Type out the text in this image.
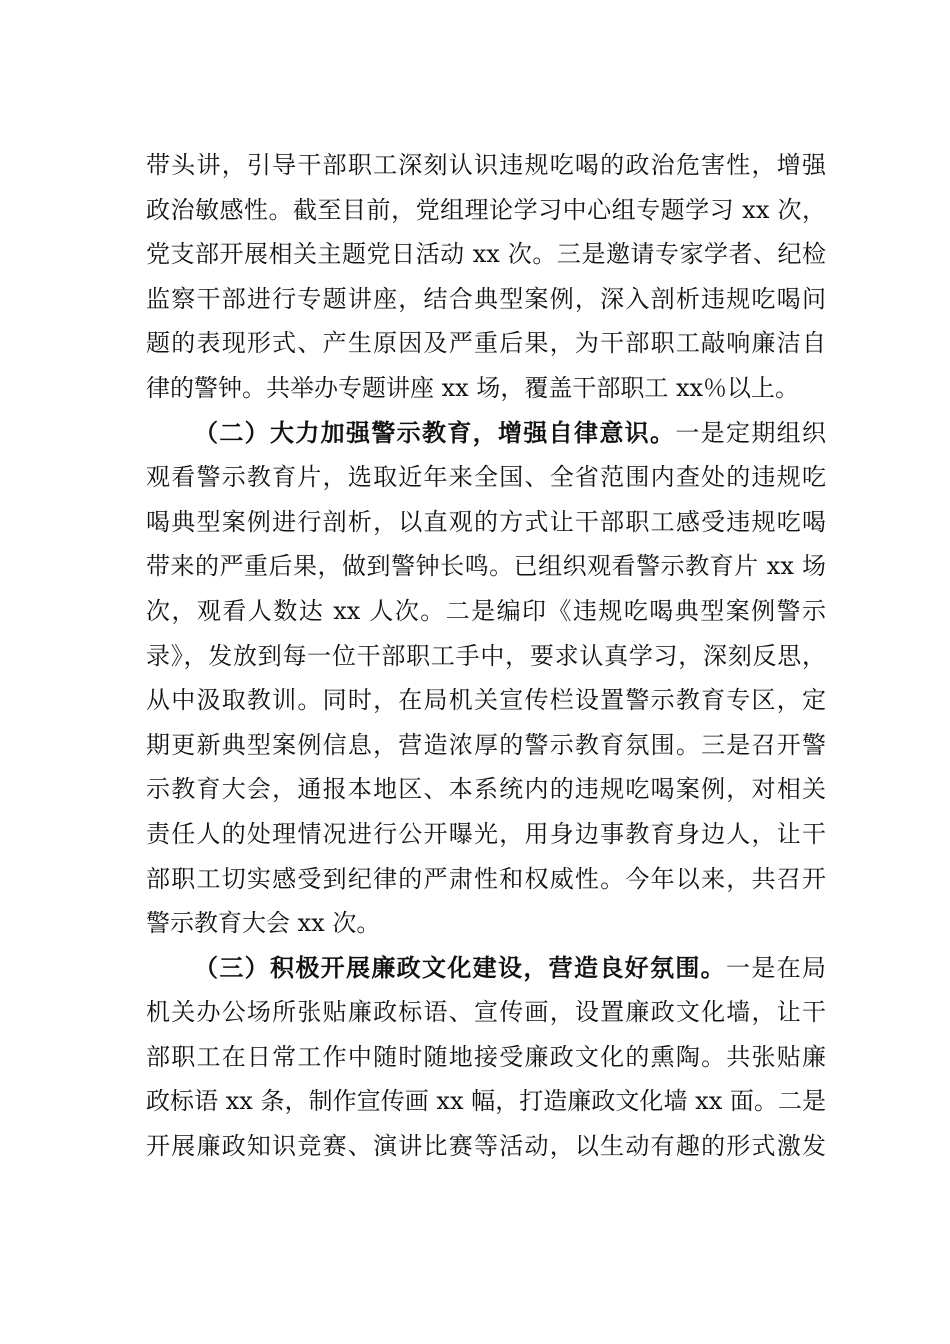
带头讲，引导干部职工深刻认识违规吃喝的政治危害性，增强
政治敏感性。截至目前，党组理论学习中心组专题学习 xx 次，
党支部开展相关主题党日活动 xx 次。三是邀请专家学者、纪检
监察干部进行专题讲座，结合典型案例，深入剖析违规吃喝问
题的表现形式、产生原因及严重后果，为干部职工敲响廉洁自
律的警钟。共举办专题讲座 xx 场，覆盖干部职工 xx％以上。
（二）大力加强警示教育，增强自律意识。一是定期组织
观看警示教育片，选取近年来全国、全省范围内查处的违规吃
喝典型案例进行剖析，以直观的方式让干部职工感受违规吃喝
带来的严重后果，做到警钟长鸣。已组织观看警示教育片 xx 场
次，观看人数达 xx 人次。二是编印《违规吃喝典型案例警示
录》，发放到每一位干部职工手中，要求认真学习，深刻反思，
从中汲取教训。同时，在局机关宣传栏设置警示教育专区，定
期更新典型案例信息，营造浓厚的警示教育氛围。三是召开警
示教育大会，通报本地区、本系统内的违规吃喝案例，对相关
责任人的处理情况进行公开曝光，用身边事教育身边人，让干
部职工切实感受到纪律的严肃性和权威性。今年以来，共召开
警示教育大会 xx 次。
（三）积极开展廉政文化建设，营造良好氛围。一是在局
机关办公场所张贴廉政标语、宣传画，设置廉政文化墙，让干
部职工在日常工作中随时随地接受廉政文化的熏陶。共张贴廉
政标语 xx 条，制作宣传画 xx 幅，打造廉政文化墙 xx 面。二是
开展廉政知识竞赛、演讲比赛等活动，以生动有趣的形式激发
